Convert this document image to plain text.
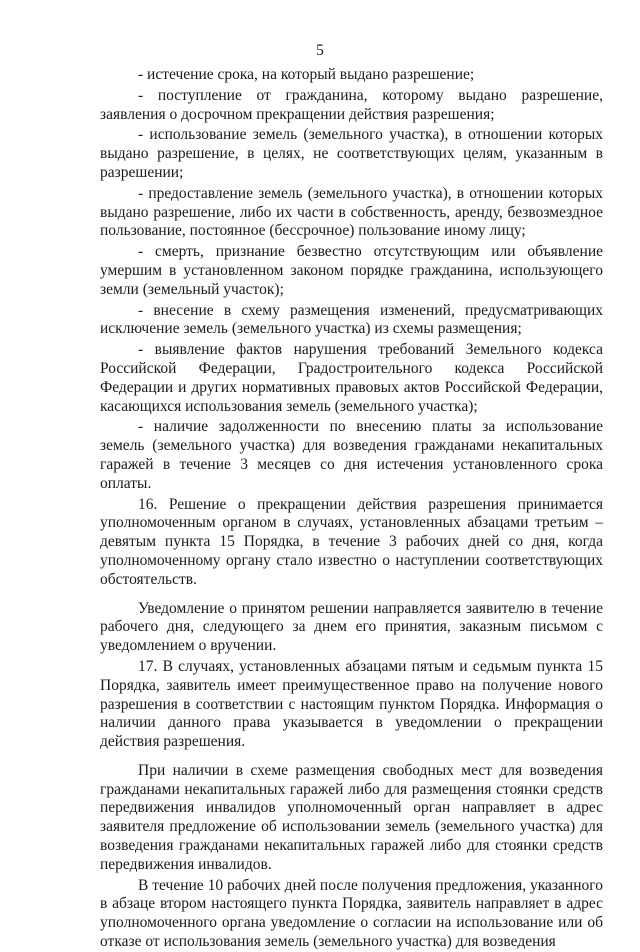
5

- истечение срока, на который выдано разрешение;

- поступление от гражданина, которому выдано разрешение, заявления о досрочном прекращении действия разрешения;

- использование земель (земельного участка), в отношении которых выдано разрешение, в целях, не соответствующих целям, указанным в разрешении;

- предоставление земель (земельного участка), в отношении которых выдано разрешение, либо их части в собственность, аренду, безвозмездное пользование, постоянное (бессрочное) пользование иному лицу;

- смерть, признание безвестно отсутствующим или объявление умершим в установленном законом порядке гражданина, использующего земли (земельный участок);

- внесение в схему размещения изменений, предусматривающих исключение земель (земельного участка) из схемы размещения;

- выявление фактов нарушения требований Земельного кодекса Российской Федерации, Градостроительного кодекса Российской Федерации и других нормативных правовых актов Российской Федерации, касающихся использования земель (земельного участка);

- наличие задолженности по внесению платы за использование земель (земельного участка) для возведения гражданами некапитальных гаражей в течение 3 месяцев со дня истечения установленного срока оплаты.

16. Решение о прекращении действия разрешения принимается уполномоченным органом в случаях, установленных абзацами третьим – девятым пункта 15 Порядка, в течение 3 рабочих дней со дня, когда уполномоченному органу стало известно о наступлении соответствующих обстоятельств.

Уведомление о принятом решении направляется заявителю в течение рабочего дня, следующего за днем его принятия, заказным письмом с уведомлением о вручении.

17. В случаях, установленных абзацами пятым и седьмым пункта 15 Порядка, заявитель имеет преимущественное право на получение нового разрешения в соответствии с настоящим пунктом Порядка. Информация о наличии данного права указывается в уведомлении о прекращении действия разрешения.

При наличии в схеме размещения свободных мест для возведения гражданами некапитальных гаражей либо для размещения стоянки средств передвижения инвалидов уполномоченный орган направляет в адрес заявителя предложение об использовании земель (земельного участка) для возведения гражданами некапитальных гаражей либо для стоянки средств передвижения инвалидов.

В течение 10 рабочих дней после получения предложения, указанного в абзаце втором настоящего пункта Порядка, заявитель направляет в адрес уполномоченного органа уведомление о согласии на использование или об отказе от использования земель (земельного участка) для возведения
